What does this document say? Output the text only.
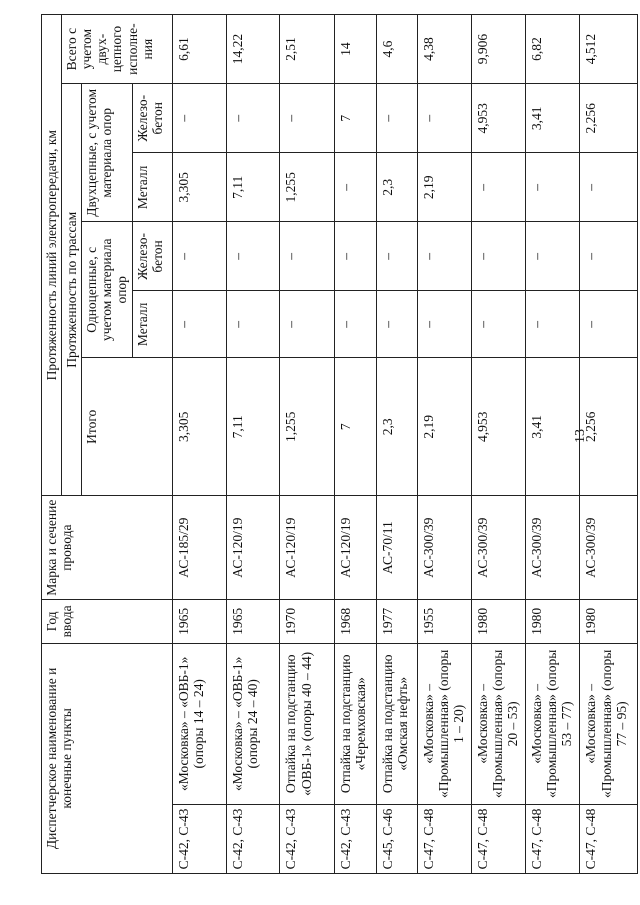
13
Диспетчерское наименование и конечные пункты		Год ввода	Марка и сечение провода	Протяженность линий электропередачи, км					
				Протяженность по трассам					Всего с учетом двух-цепного исполне-ния
				Итого	Одноцепные, с учетом материала опор		Двухцепные, с учетом материала опор		
					Металл	Железо-бетон	Металл	Железо-бетон	
С-42, С-43	«Московка» – «ОВБ-1» (опоры 14 – 24)	1965	АС-185/29	3,305	–	–	3,305	–	6,61
С-42, С-43	«Московка» – «ОВБ-1» (опоры 24 – 40)	1965	АС-120/19	7,11	–	–	7,11	–	14,22
С-42, С-43	Отпайка на подстанцию «ОВБ-1» (опоры 40 – 44)	1970	АС-120/19	1,255	–	–	1,255	–	2,51
С-42, С-43	Отпайка на подстанцию «Черемховская»	1968	АС-120/19	7	–	–	–	7	14
С-45, С-46	Отпайка на подстанцию «Омская нефть»	1977	АС-70/11	2,3	–	–	2,3	–	4,6
С-47, С-48	«Московка» – «Промышленная» (опоры 1 – 20)	1955	АС-300/39	2,19	–	–	2,19	–	4,38
С-47, С-48	«Московка» – «Промышленная» (опоры 20 – 53)	1980	АС-300/39	4,953	–	–	–	4,953	9,906
С-47, С-48	«Московка» – «Промышленная» (опоры 53 – 77)	1980	АС-300/39	3,41	–	–	–	3,41	6,82
С-47, С-48	«Московка» – «Промышленная» (опоры 77 – 95)	1980	АС-300/39	2,256	–	–	–	2,256	4,512
